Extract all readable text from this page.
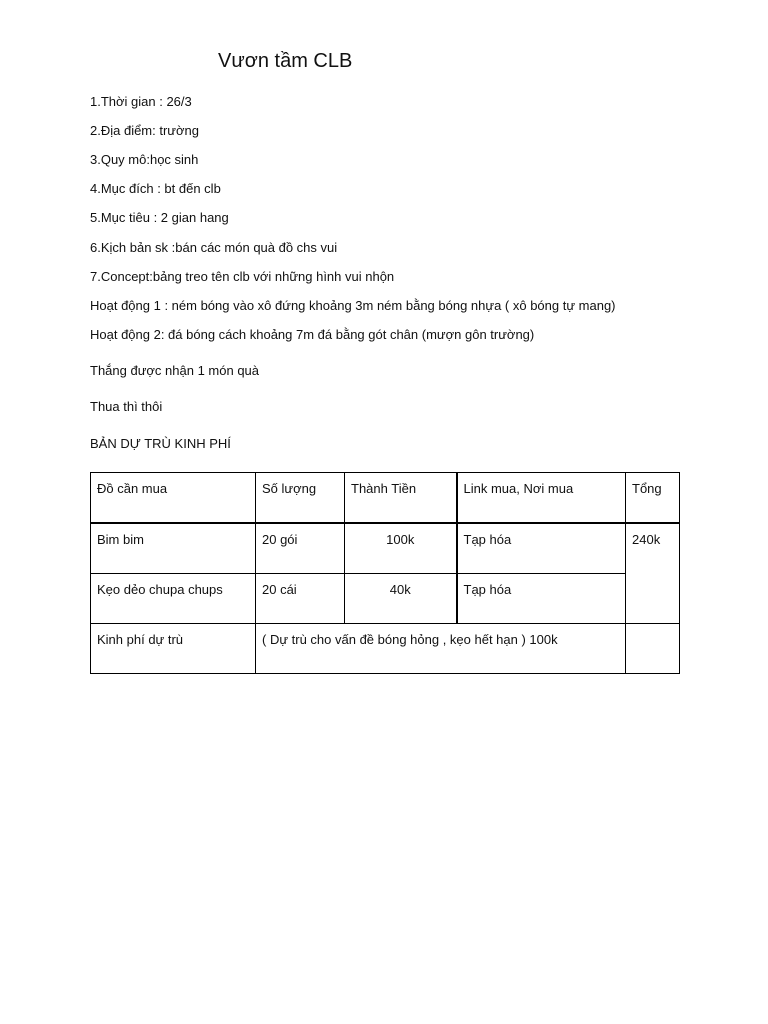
Vươn tầm CLB
1.Thời gian : 26/3
2.Địa điểm: trường
3.Quy mô:học sinh
4.Mục đích : bt đến clb
5.Mục tiêu : 2 gian hang
6.Kịch bản sk :bán các món quà đồ chs vui
7.Concept:bảng treo tên clb với những hình vui nhộn
Hoạt động 1 : ném bóng vào xô đứng khoảng 3m ném bằng bóng nhựa ( xô bóng tự mang)
Hoạt động 2: đá bóng cách khoảng 7m đá bằng gót chân (mượn gôn trường)
Thắng được nhận 1 món quà
Thua thì thôi
BẢN DỰ TRÙ KINH PHÍ
Đồ cần mua	Số lượng	Thành Tiền	Link mua, Nơi mua	Tổng
Bim bim	20 gói	100k	Tạp hóa	240k
Kẹo dẻo chupa chups	20 cái	40k	Tạp hóa	
Kinh phí dự trù	( Dự trù cho vấn đề bóng hỏng , kẹo hết hạn ) 100k			
